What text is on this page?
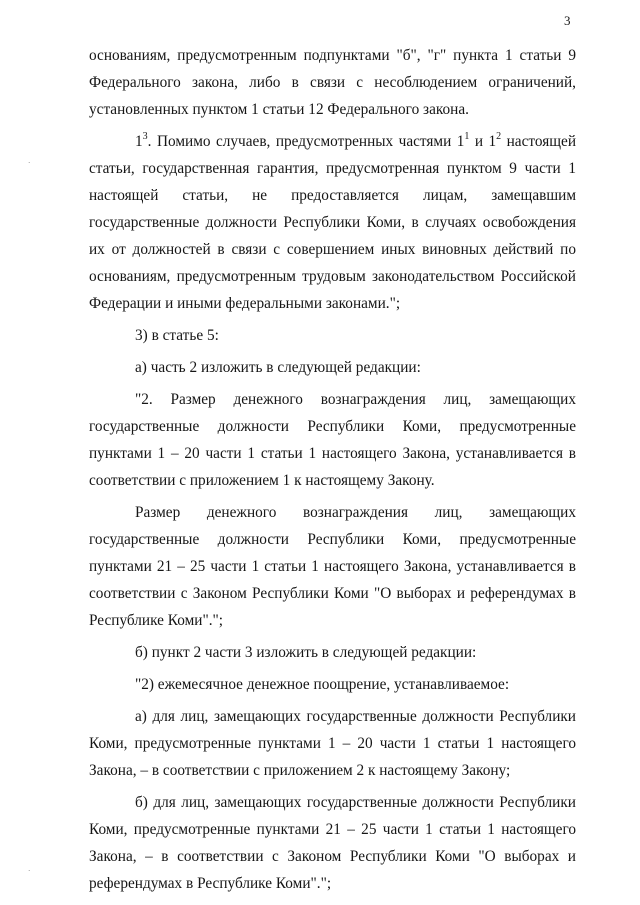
3
·
·

основаниям, предусмотренным подпунктами "б", "г" пункта 1 статьи 9 Федерального закона, либо в связи с несоблюдением ограничений, установленных пунктом 1 статьи 12 Федерального закона.

$1^3$. Помимо случаев, предусмотренных частями $1^1$ и $1^2$ настоящей статьи, государственная гарантия, предусмотренная пунктом 9 части 1 настоящей статьи, не предоставляется лицам, замещавшим государственные должности Республики Коми, в случаях освобождения их от должностей в связи с совершением иных виновных действий по основаниям, предусмотренным трудовым законодательством Российской Федерации и иными федеральными законами.";

3) в статье 5:

а) часть 2 изложить в следующей редакции:

"2. Размер денежного вознаграждения лиц, замещающих государственные должности Республики Коми, предусмотренные пунктами 1 – 20 части 1 статьи 1 настоящего Закона, устанавливается в соответствии с приложением 1 к настоящему Закону.

Размер денежного вознаграждения лиц, замещающих государственные должности Республики Коми, предусмотренные пунктами 21 – 25 части 1 статьи 1 настоящего Закона, устанавливается в соответствии с Законом Республики Коми "О выборах и референдумах в Республике Коми".";

б) пункт 2 части 3 изложить в следующей редакции:

"2) ежемесячное денежное поощрение, устанавливаемое:

а) для лиц, замещающих государственные должности Республики Коми, предусмотренные пунктами 1 – 20 части 1 статьи 1 настоящего Закона, – в соответствии с приложением 2 к настоящему Закону;

б) для лиц, замещающих государственные должности Республики Коми, предусмотренные пунктами 21 – 25 части 1 статьи 1 настоящего Закона, – в соответствии с Законом Республики Коми "О выборах и референдумах в Республике Коми".";
